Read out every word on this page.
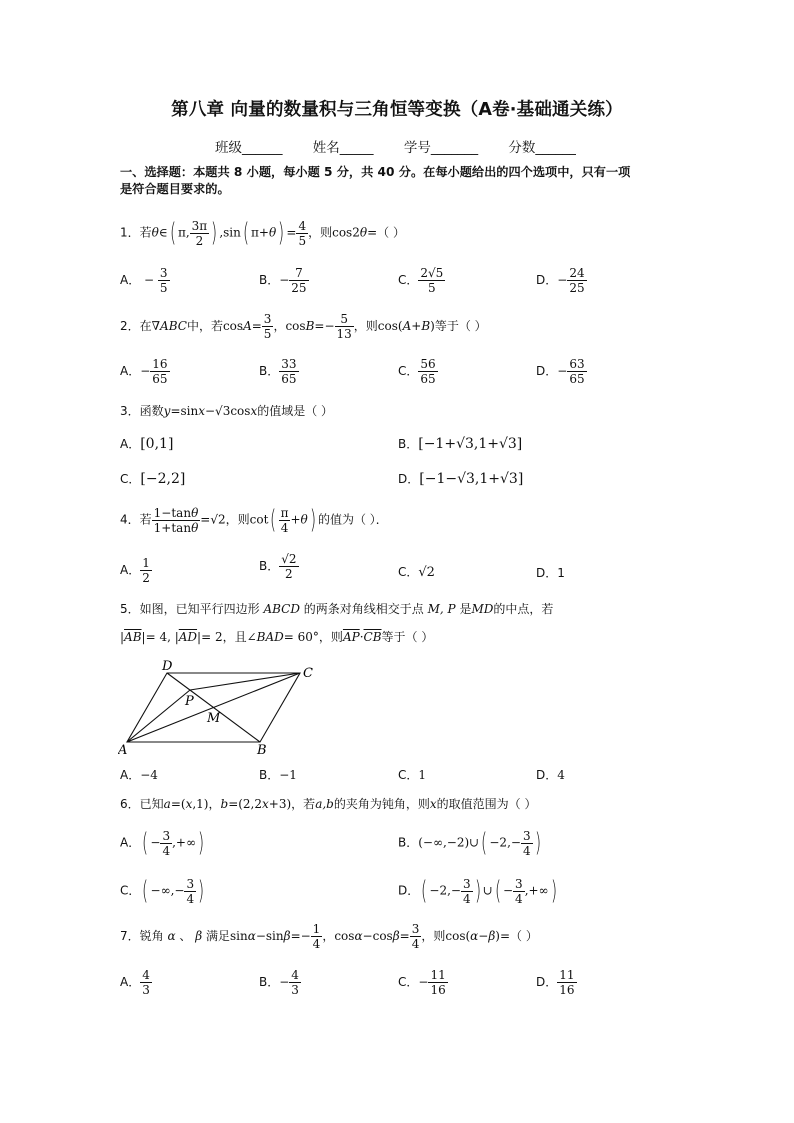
第八章 向量的数量积与三角恒等变换（A卷·基础通关练）
班级______ 姓名_____ 学号_______ 分数______
一、选择题：本题共 8 小题，每小题 5 分，共 40 分。在每小题给出的四个选项中，只有一项
是符合题目要求的。
1．若θ∈( π, $\frac{3\pi}{2}$ ) ,sin( $\pi+\theta) = \frac{4}{5}$ ，则cos2θ=（ ）
A． − $\frac{3}{5}$	B．− $\frac{7}{25}$	C． $\frac{2√5}{5}$	D．− $\frac{24}{25}$
2．在∇ABC中，若$\cos A= \frac{3}{5}$ ，$\cos B=- \frac{5}{13}$ ，则cos(A+B)等于（ ）
A．− $\frac{16}{65}$	B． $\frac{33}{65}$	C． $\frac{56}{65}$	D．− $\frac{63}{65}$
3．函数y=sinx−√3cosx的值域是（ ）
A．[0,1]	B．[−1+√3,1+√3]
C．[−2,2]	D．[−1−√3,1+√3]
4．若 $\frac{1-\tan\theta}{1+\tan\theta} =√2$，则$\cot( \frac{\pi}{4} +\theta)$ 的值为（ ）．
A． $\frac{1}{2}$	B． $\frac{√2}{2}$	C．√2	D．1
5．如图，已知平行四边形 ABCD 的两条对角线相交于点 M, P 是MD的中点，若
$|\overline{AB}|= 4$, $|\overline{AD}|= 2$，且∠BAD= 60°，则$\overline{AP}\cdot\overline{CB}$等于（ ）
A	B
C
D
P
M
A．−4	B．−1	C．1	D．4
6．已知a=(x,1)，b=(2,2x+3)，若a,b的夹角为钝角，则x的取值范围为（ ）
A．( − $\frac{3}{4}$ ,+∞)	B．(−∞,−2)∪( $-2,- \frac{3}{4}$ )
C．( −∞,− $\frac{3}{4}$ )	D．( $-2,- \frac{3}{4}$ ) ∪( − $\frac{3}{4}$ ,+∞)
7．锐角 α 、 β 满足$\sin\alpha-\sin\beta=- \frac{1}{4}$ ，$\cos\alpha-\cos\beta= \frac{3}{4}$ ，则cos(α−β)=（ ）
A． $\frac{4}{3}$	B．− $\frac{4}{3}$	C．− $\frac{11}{16}$	D． $\frac{11}{16}$
